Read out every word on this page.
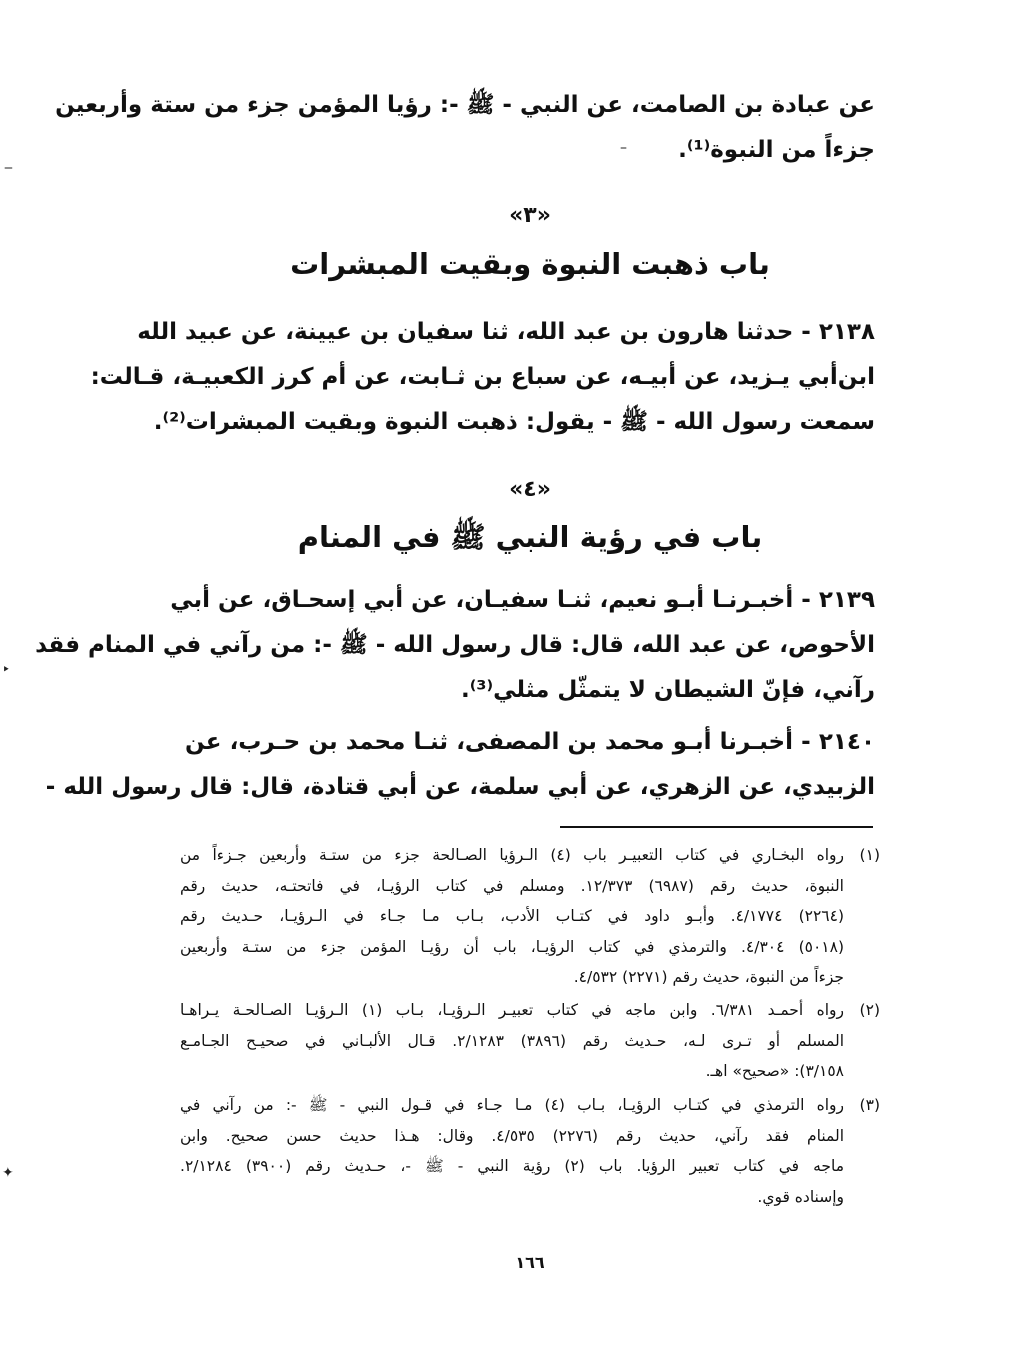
عن عبادة بن الصامت، عن النبي - ﷺ -: رؤيا المؤمن جزء من ستة وأربعين
جزءاً من النبوة⁽¹⁾.
«٣»
باب ذهبت النبوة وبقيت المبشرات
٢١٣٨ - حدثنا هارون بن عبد الله، ثنا سفيان بن عيينة، عن عبيد الله
ابن‌أبي يـزيد، عن أبيـه، عن سباع بن ثـابت، عن أم كرز الكعبيـة، قـالت:
سمعت رسول الله - ﷺ - يقول: ذهبت النبوة وبقيت المبشرات⁽²⁾.
«٤»
باب في رؤية النبي ﷺ في المنام
٢١٣٩ - أخبـرنـا أبـو نعيم، ثنـا سفيـان، عن أبي إسحـاق، عن أبي
الأحوص، عن عبد الله، قال: قال رسول الله - ﷺ -: من رآني في المنام فقد
رآني، فإنّ الشيطان لا يتمثّل مثلي⁽³⁾.
٢١٤٠ - أخبـرنا أبـو محمد بن المصفى، ثنـا محمد بن حـرب، عن
الزبيدي، عن الزهري، عن أبي سلمة، عن أبي قتادة، قال: قال رسول الله -
(١)
رواه البخـاري في كتاب التعبيـر باب (٤) الـرؤيا الصـالحة جزء من ستـة وأربعين جـزءاً من
النبوة، حديث رقم (٦٩٨٧) ١٢/٣٧٣. ومسلم في كتاب الرؤيـا، في فاتحتـه، حديث رقم
(٢٢٦٤) ٤/١٧٧٤. وأبـو داود في كتـاب الأدب، بـاب مـا جـاء في الـرؤيـا، حـديث رقم
(٥٠١٨) ٤/٣٠٤. والترمذي في كتاب الرؤيـا، باب أن رؤيـا المؤمن جزء من ستـة وأربعين
جزءاً من النبوة، حديث رقم (٢٢٧١) ٤/٥٣٢.
(٢)
رواه أحمـد ٦/٣٨١. وابن ماجه في كتاب تعبيـر الـرؤيـا، بـاب (١) الـرؤيـا الصـالحـة يـراهـا
المسلم أو تـرى لـه، حـديث رقم (٣٨٩٦) ٢/١٢٨٣. قـال الألبـاني في صحيـح الجـامـع
٣/١٥٨): «صحيح» اهـ.
(٣)
رواه الترمذي في كتـاب الرؤيـا، بـاب (٤) مـا جـاء في قـول النبي - ﷺ -: من رآني في
المنام فقد رآني، حديث رقم (٢٢٧٦) ٤/٥٣٥. وقال: هـذا حديث حسن صحيح. وابن
ماجه في كتاب تعبير الرؤيا. باب (٢) رؤية النبي - ﷺ -، حـديث رقم (٣٩٠٠) ٢/١٢٨٤.
وإسناده قوي.
١٦٦
‒
‣
✦
–
